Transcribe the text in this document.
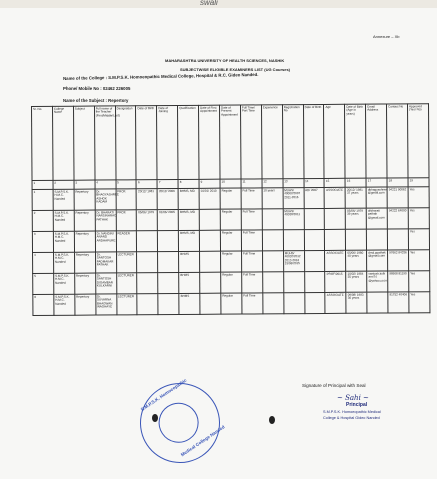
swali
Annexure – Xb
MAHARASHTRA UNIVERSITY OF HEALTH SCIENCES, NASHIK
SUBJECTWISE ELIGIBLE EXAMINERS LIST (UG Courses)
Name of the College : S.M.P.S.K. Homoeopathic Medical College, Hospital & R.C. Gideo Nanded.
Phone/ Mobile No : 02462 226005
Name of the Subject : Repertory
Sr. No	College Name	Subject	Full name of the Teacher (First/Middle/Last)	Designation	Date of Birth	Date of Joining	Qualification	Date of First Appointment	Date of Present Appointment	Full Time/ Part Time	Experience	Registration No	Date of Birth	Age	Date of Birth (Age in years)	Email Address	Contact No	Approved (Yes/ No)
1	2	3	4	5	6	7	8	9	10	11	12	13	14	15	16	17	18	19
1	S.M.P.S.K. H.M.C. Nanded	Repertory	Dr. BHAGYASHREE ASHOK KADAM	PROF.	20/12/ 1981	20/12/ 2006	BHMS, MD	01/01/ 2010	Regular	Full Time	10 years	MUHS/ 40002/2007 2011-2016	AD/ 2007	ASSOCIATE	20/12/ 1981 37 years	dbhagyashree @gmail.com	94221 90062	Yes
2	S.M.P.S.K. H.M.C. Nanded	Repertory	Dr. BHARATI NARSINHRAO PATHAK	PROF.	05/06/ 1979	01/06/ 2005	BHMS, MD		Regular	Full Time		MUHS/ 40038/2011			05/06/ 1979 39 years	drbharati pathak @gmail.com	94222 64000	Yes
3	S.M.P.S.K. H.M.C. Nanded	Repertory	Dr. NANDINI ANAND ARDHAPURE	READER			BHMS, MD		Regular	Full Time								Yes
4	S.M.P.S.K. H.M.C. Nanded	Repertory	Dr. SANTOSH PADMAKAR PATHAK	LECTURER			BHMS		Regular	Full Time		MUHS/ 40032/2012 2013-2016 15/06/2015		ASSOCIATE	05/06/ 1980 40 years	drsd.ppathak @gmail.com	97662 84336	Yes
5	S.M.P.S.K. H.M.C. Nanded	Repertory	Dr. SANTOSH DIGAMBAR KULKARNI	LECTURER			BHMS		Regular	Full Time				PROF/2015	10/02/ 1984 35 years	santosh.kulk arni74 @yahoo.co.in	98908 81190	Yes
6	S.M.P.S.K. H.M.C. Nanded	Repertory	Dr. SUVARNA BHAGWAN WAGHAYE	LECTURER			BHMS		Regular	Full Time				ASSOCIATE	09/08/ 1983 36 years		91752 40406	Yes
Signature of Principal with Seal
~ Sahi ~
Principal
S.M.P.S.K. Homoeopathic Medical
College & Hospital Gideo Nanded
S.M.P.S.K. Homoeopathic
Medical College Nanded
